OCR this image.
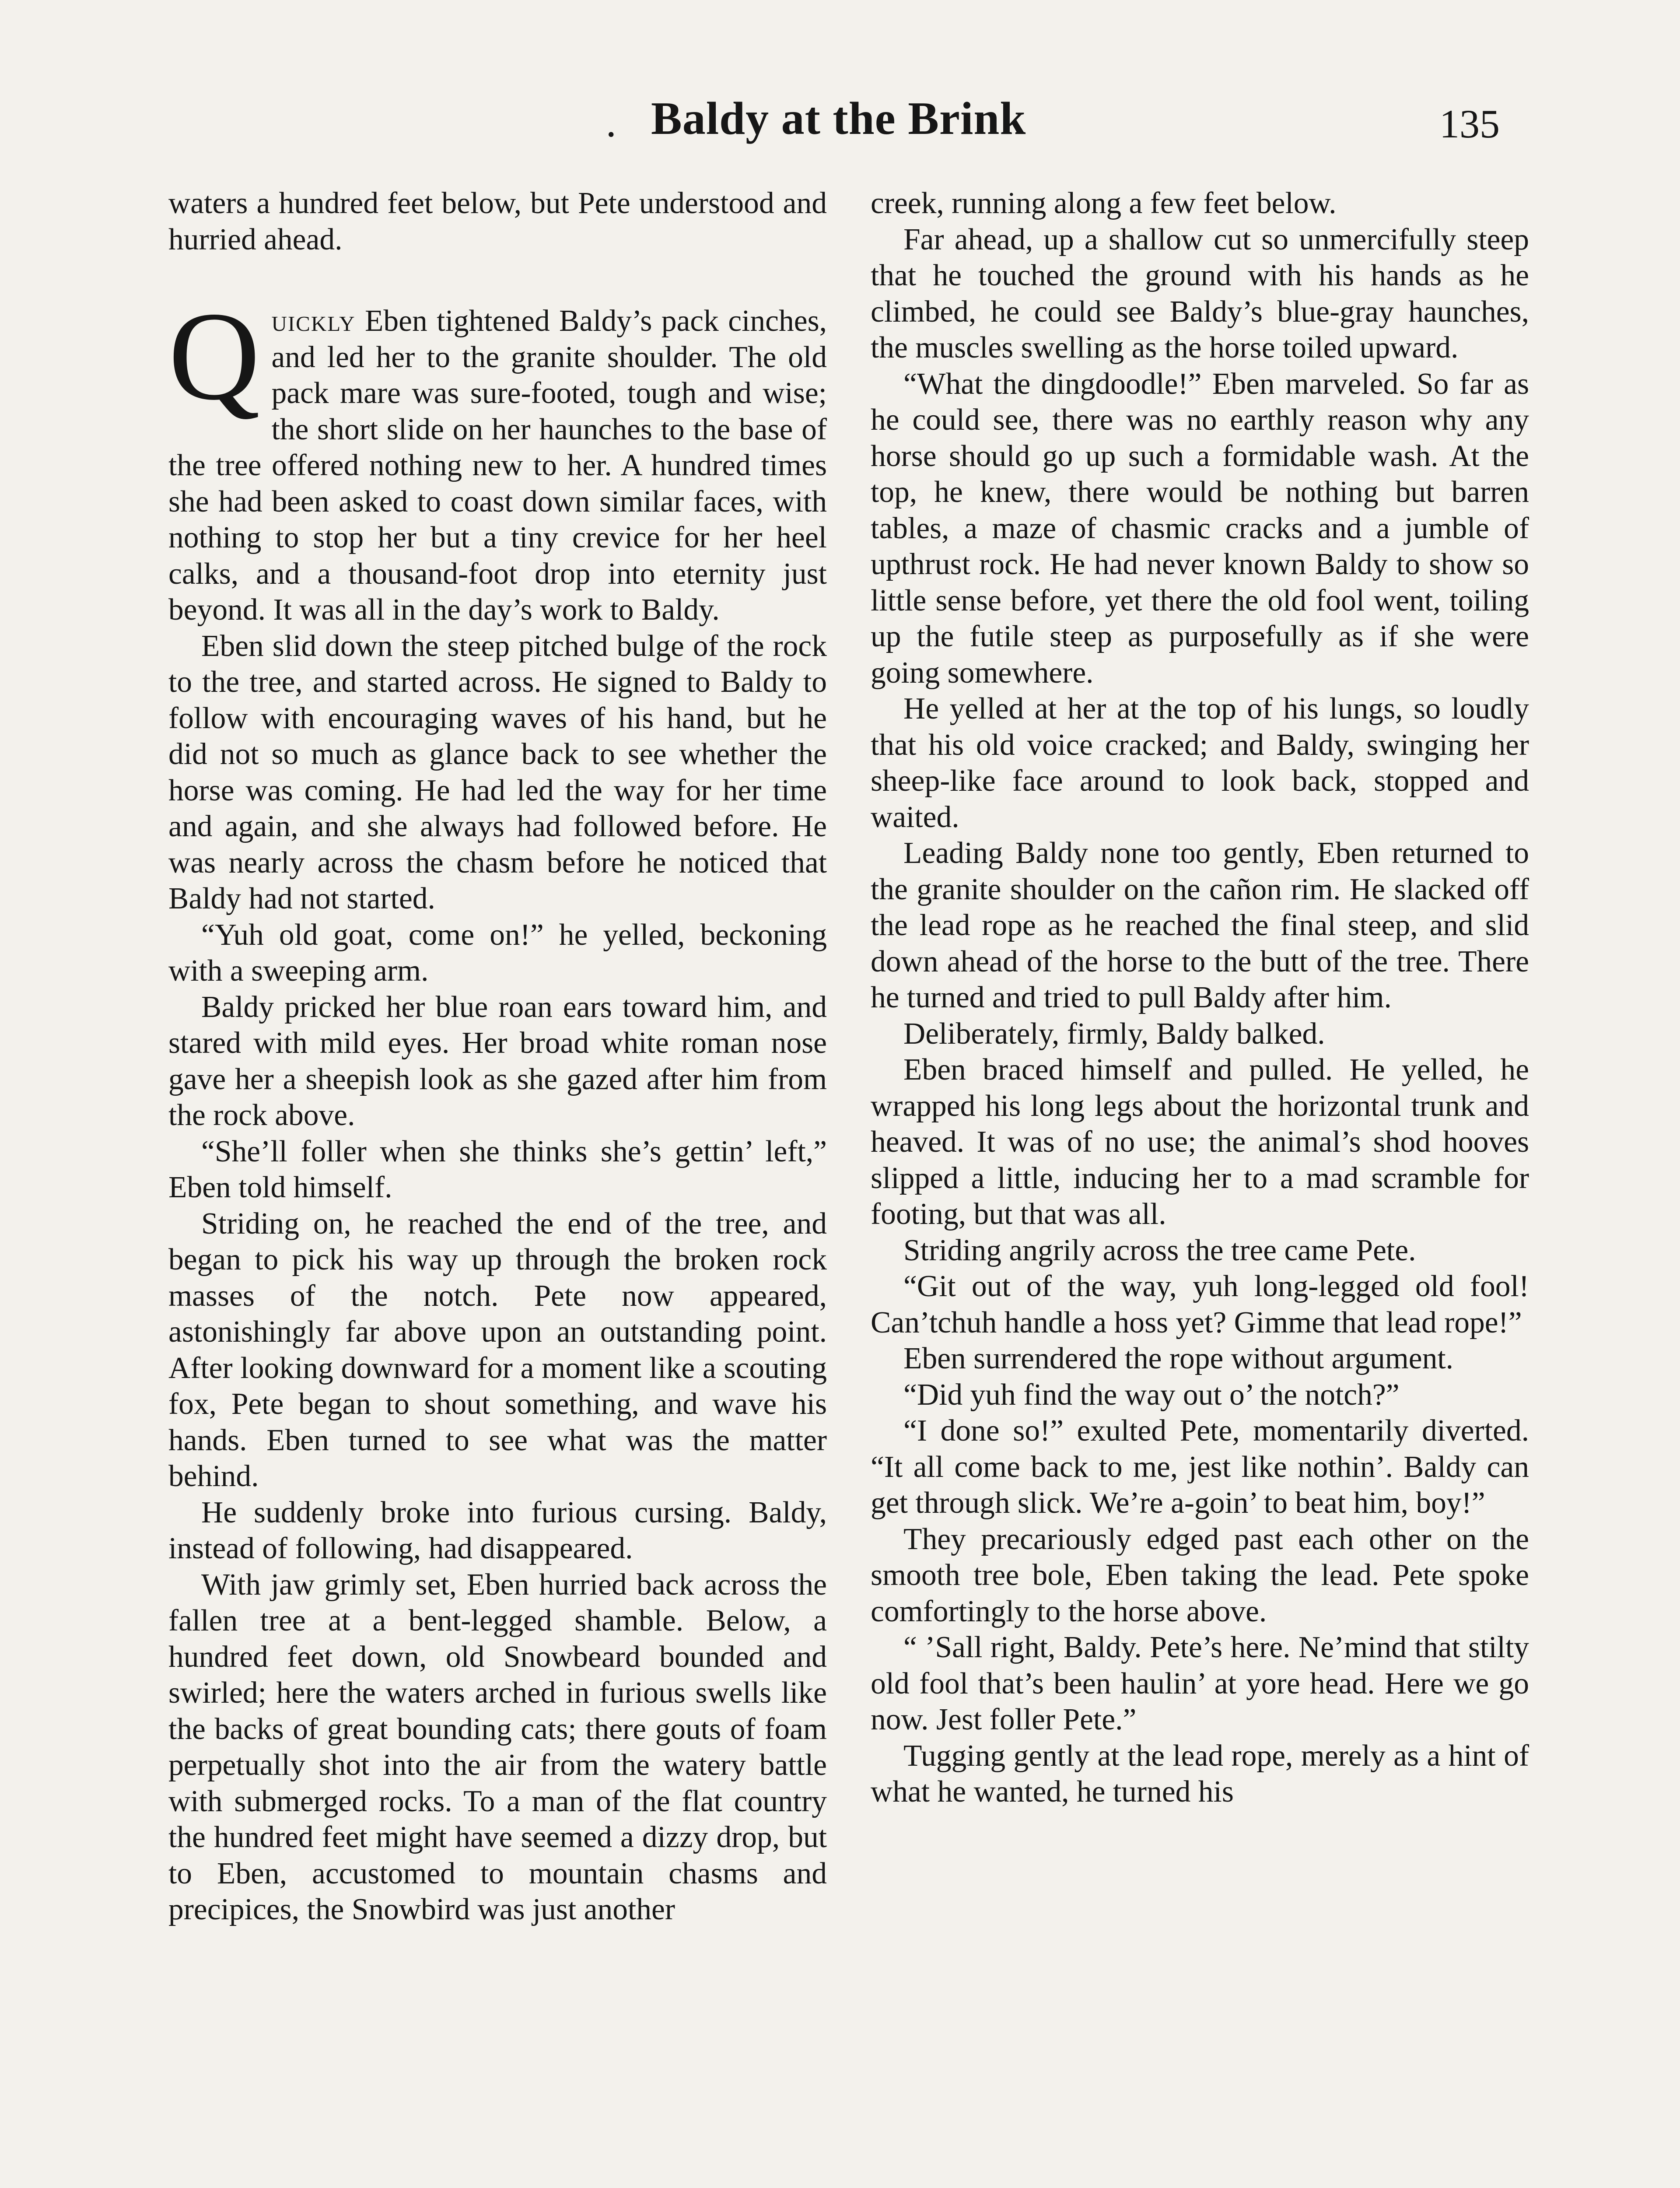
. Baldy at the Brink	135

waters a hundred feet below, but Pete understood and hurried ahead.

Quickly Eben tightened Baldy’s pack cinches, and led her to the granite shoulder. The old pack mare was sure-footed, tough and wise; the short slide on her haunches to the base of the tree offered nothing new to her. A hundred times she had been asked to coast down similar faces, with nothing to stop her but a tiny crevice for her heel calks, and a thousand-foot drop into eternity just beyond. It was all in the day’s work to Baldy.

Eben slid down the steep pitched bulge of the rock to the tree, and started across. He signed to Baldy to follow with encouraging waves of his hand, but he did not so much as glance back to see whether the horse was coming. He had led the way for her time and again, and she always had followed before. He was nearly across the chasm before he noticed that Baldy had not started.

“Yuh old goat, come on!” he yelled, beckoning with a sweeping arm.

Baldy pricked her blue roan ears toward him, and stared with mild eyes. Her broad white roman nose gave her a sheepish look as she gazed after him from the rock above.

“She’ll foller when she thinks she’s gettin’ left,” Eben told himself.

Striding on, he reached the end of the tree, and began to pick his way up through the broken rock masses of the notch. Pete now appeared, astonishingly far above upon an outstanding point. After looking downward for a moment like a scouting fox, Pete began to shout something, and wave his hands. Eben turned to see what was the matter behind.

He suddenly broke into furious cursing. Baldy, instead of following, had disappeared.

With jaw grimly set, Eben hurried back across the fallen tree at a bent-legged shamble. Below, a hundred feet down, old Snowbeard bounded and swirled; here the waters arched in furious swells like the backs of great bounding cats; there gouts of foam perpetually shot into the air from the watery battle with submerged rocks. To a man of the flat country the hundred feet might have seemed a dizzy drop, but to Eben, accustomed to mountain chasms and precipices, the Snowbird was just another

creek, running along a few feet below.

Far ahead, up a shallow cut so unmercifully steep that he touched the ground with his hands as he climbed, he could see Baldy’s blue-gray haunches, the muscles swelling as the horse toiled upward.

“What the dingdoodle!” Eben marveled. So far as he could see, there was no earthly reason why any horse should go up such a formidable wash. At the top, he knew, there would be nothing but barren tables, a maze of chasmic cracks and a jumble of upthrust rock. He had never known Baldy to show so little sense before, yet there the old fool went, toiling up the futile steep as purposefully as if she were going somewhere.

He yelled at her at the top of his lungs, so loudly that his old voice cracked; and Baldy, swinging her sheep-like face around to look back, stopped and waited.

Leading Baldy none too gently, Eben returned to the granite shoulder on the cañon rim. He slacked off the lead rope as he reached the final steep, and slid down ahead of the horse to the butt of the tree. There he turned and tried to pull Baldy after him.

Deliberately, firmly, Baldy balked.

Eben braced himself and pulled. He yelled, he wrapped his long legs about the horizontal trunk and heaved. It was of no use; the animal’s shod hooves slipped a little, inducing her to a mad scramble for footing, but that was all.

Striding angrily across the tree came Pete.

“Git out of the way, yuh long-legged old fool! Can’tchuh handle a hoss yet? Gimme that lead rope!”

Eben surrendered the rope without argument.

“Did yuh find the way out o’ the notch?”

“I done so!” exulted Pete, momentarily diverted. “It all come back to me, jest like nothin’. Baldy can get through slick. We’re a-goin’ to beat him, boy!”

They precariously edged past each other on the smooth tree bole, Eben taking the lead. Pete spoke comfortingly to the horse above.

“ ’Sall right, Baldy. Pete’s here. Ne’mind that stilty old fool that’s been haulin’ at yore head. Here we go now. Jest foller Pete.”

Tugging gently at the lead rope, merely as a hint of what he wanted, he turned his
